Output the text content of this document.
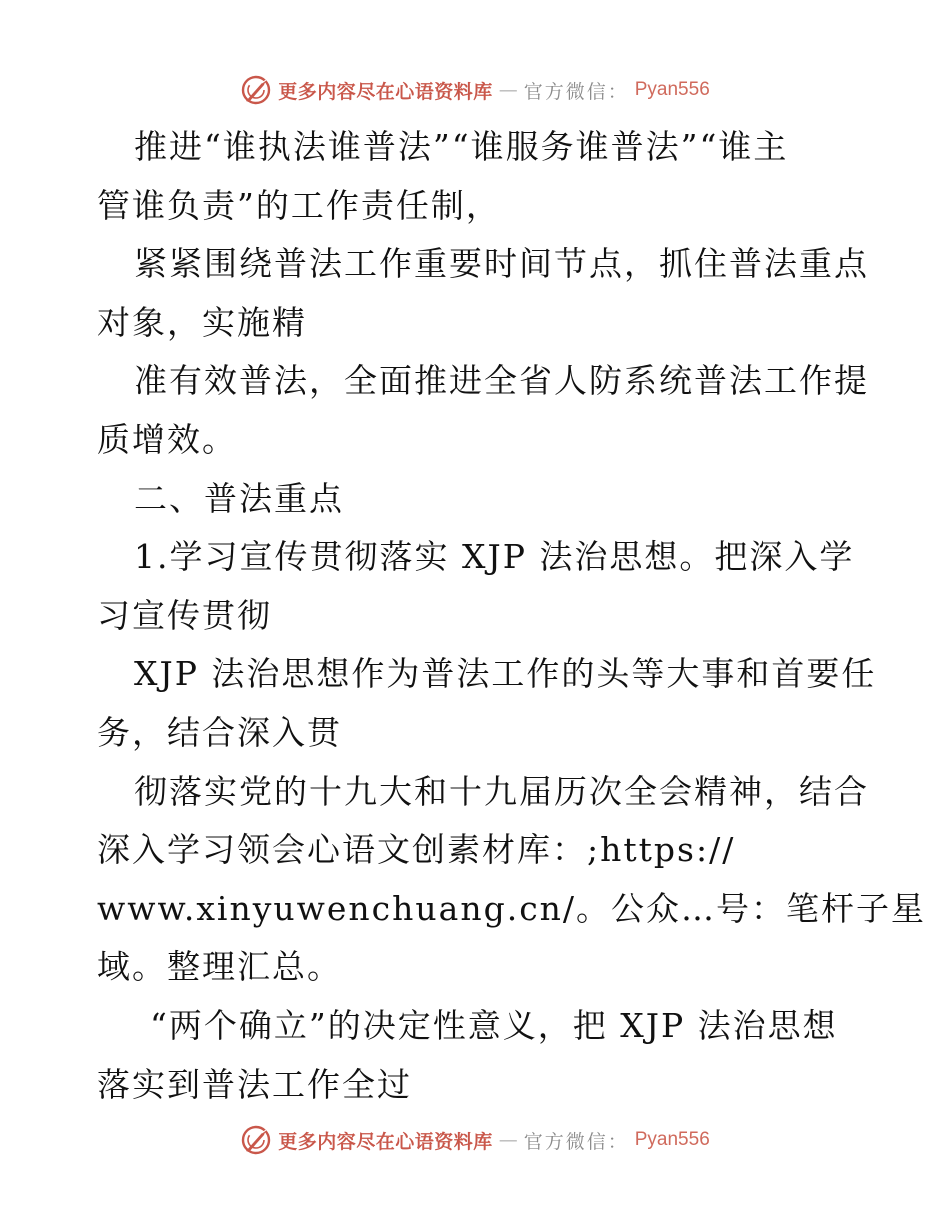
更多内容尽在心语资料库 — 官方微信： Pyan556
推进“谁执法谁普法”“谁服务谁普法”“谁主
管谁负责”的工作责任制，
紧紧围绕普法工作重要时间节点，抓住普法重点
对象，实施精
准有效普法，全面推进全省人防系统普法工作提
质增效。
二、普法重点
1.学习宣传贯彻落实 XJP 法治思想。把深入学
习宣传贯彻
XJP 法治思想作为普法工作的头等大事和首要任
务，结合深入贯
彻落实党的十九大和十九届历次全会精神，结合
深入学习领会心语文创素材库：;https://
www.xinyuwenchuang.cn/。公众…号：笔杆子星
域。整理汇总。
“两个确立”的决定性意义，把 XJP 法治思想
落实到普法工作全过
更多内容尽在心语资料库 — 官方微信： Pyan556
